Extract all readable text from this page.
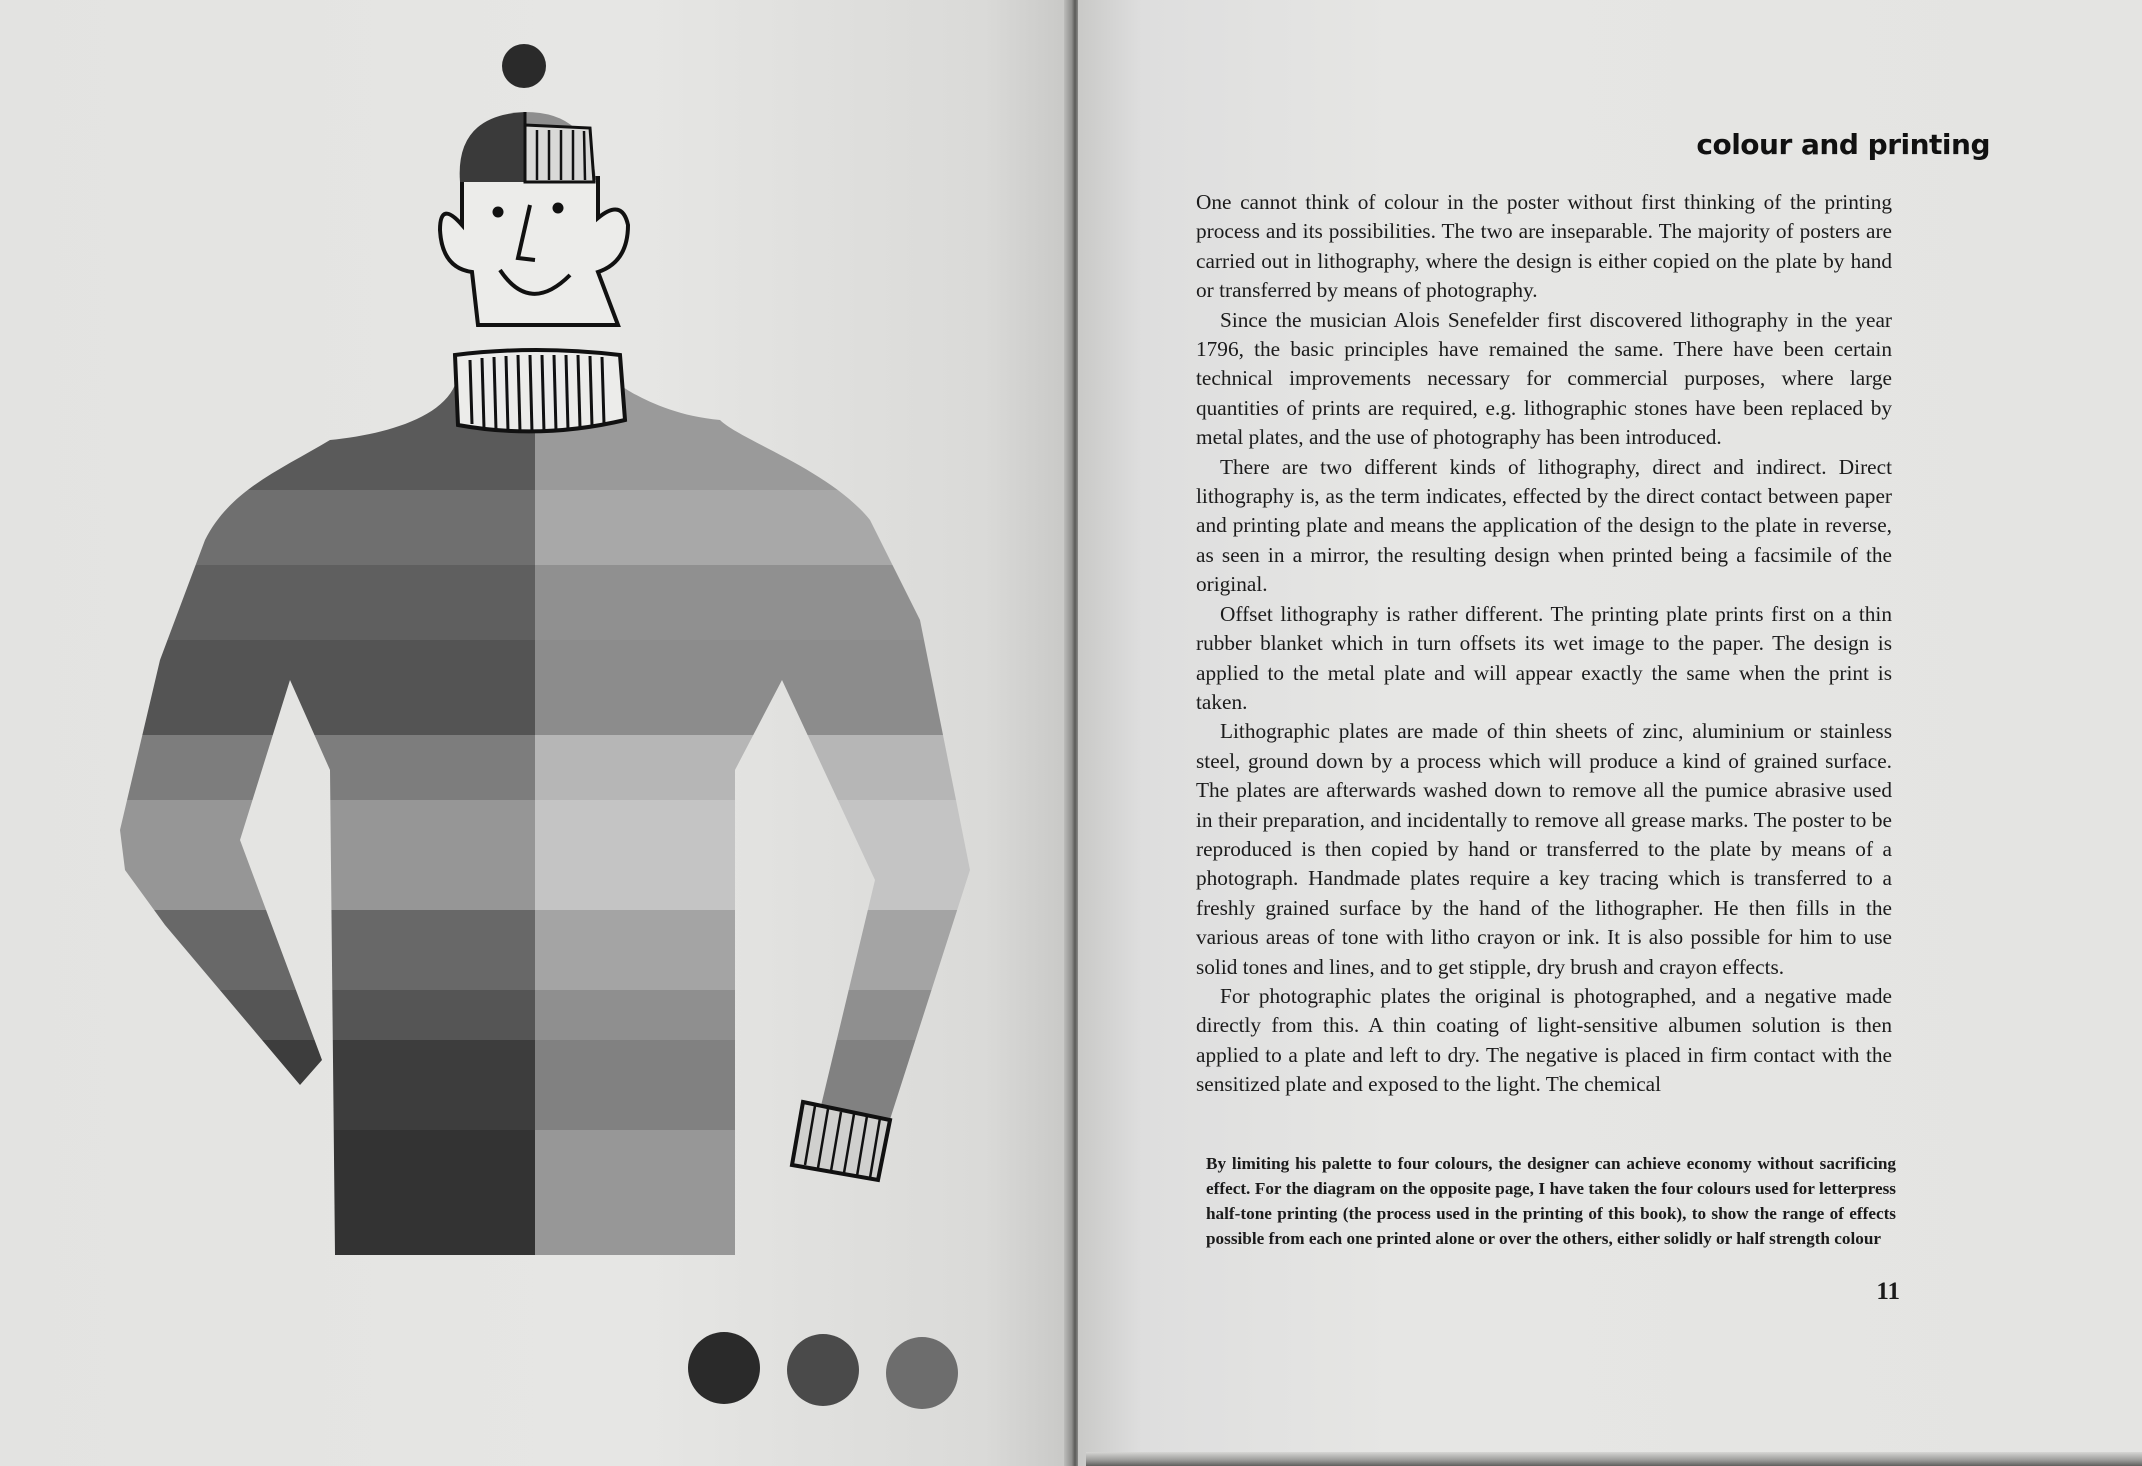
colour and printing

One cannot think of colour in the poster without first thinking of the printing process and its possibilities. The two are inseparable. The majority of posters are carried out in lithography, where the design is either copied on the plate by hand or transferred by means of photography.

Since the musician Alois Senefelder first discovered lithography in the year 1796, the basic principles have remained the same. There have been certain technical improvements necessary for commercial purposes, where large quantities of prints are required, e.g. lithographic stones have been replaced by metal plates, and the use of photography has been introduced.

There are two different kinds of lithography, direct and indirect. Direct lithography is, as the term indicates, effected by the direct contact between paper and printing plate and means the application of the design to the plate in reverse, as seen in a mirror, the resulting design when printed being a facsimile of the original.

Offset lithography is rather different. The printing plate prints first on a thin rubber blanket which in turn offsets its wet image to the paper. The design is applied to the metal plate and will appear exactly the same when the print is taken.

Lithographic plates are made of thin sheets of zinc, aluminium or stainless steel, ground down by a process which will produce a kind of grained surface. The plates are afterwards washed down to remove all the pumice abrasive used in their preparation, and incidentally to remove all grease marks. The poster to be reproduced is then copied by hand or transferred to the plate by means of a photograph. Handmade plates require a key tracing which is transferred to a freshly grained surface by the hand of the lithographer. He then fills in the various areas of tone with litho crayon or ink. It is also possible for him to use solid tones and lines, and to get stipple, dry brush and crayon effects.

For photographic plates the original is photographed, and a negative made directly from this. A thin coating of light-sensitive albumen solution is then applied to a plate and left to dry. The negative is placed in firm contact with the sensitized plate and exposed to the light. The chemical

By limiting his palette to four colours, the designer can achieve economy without sacrificing effect. For the diagram on the opposite page, I have taken the four colours used for letterpress half-tone printing (the process used in the printing of this book), to show the range of effects possible from each one printed alone or over the others, either solidly or half strength colour
11
